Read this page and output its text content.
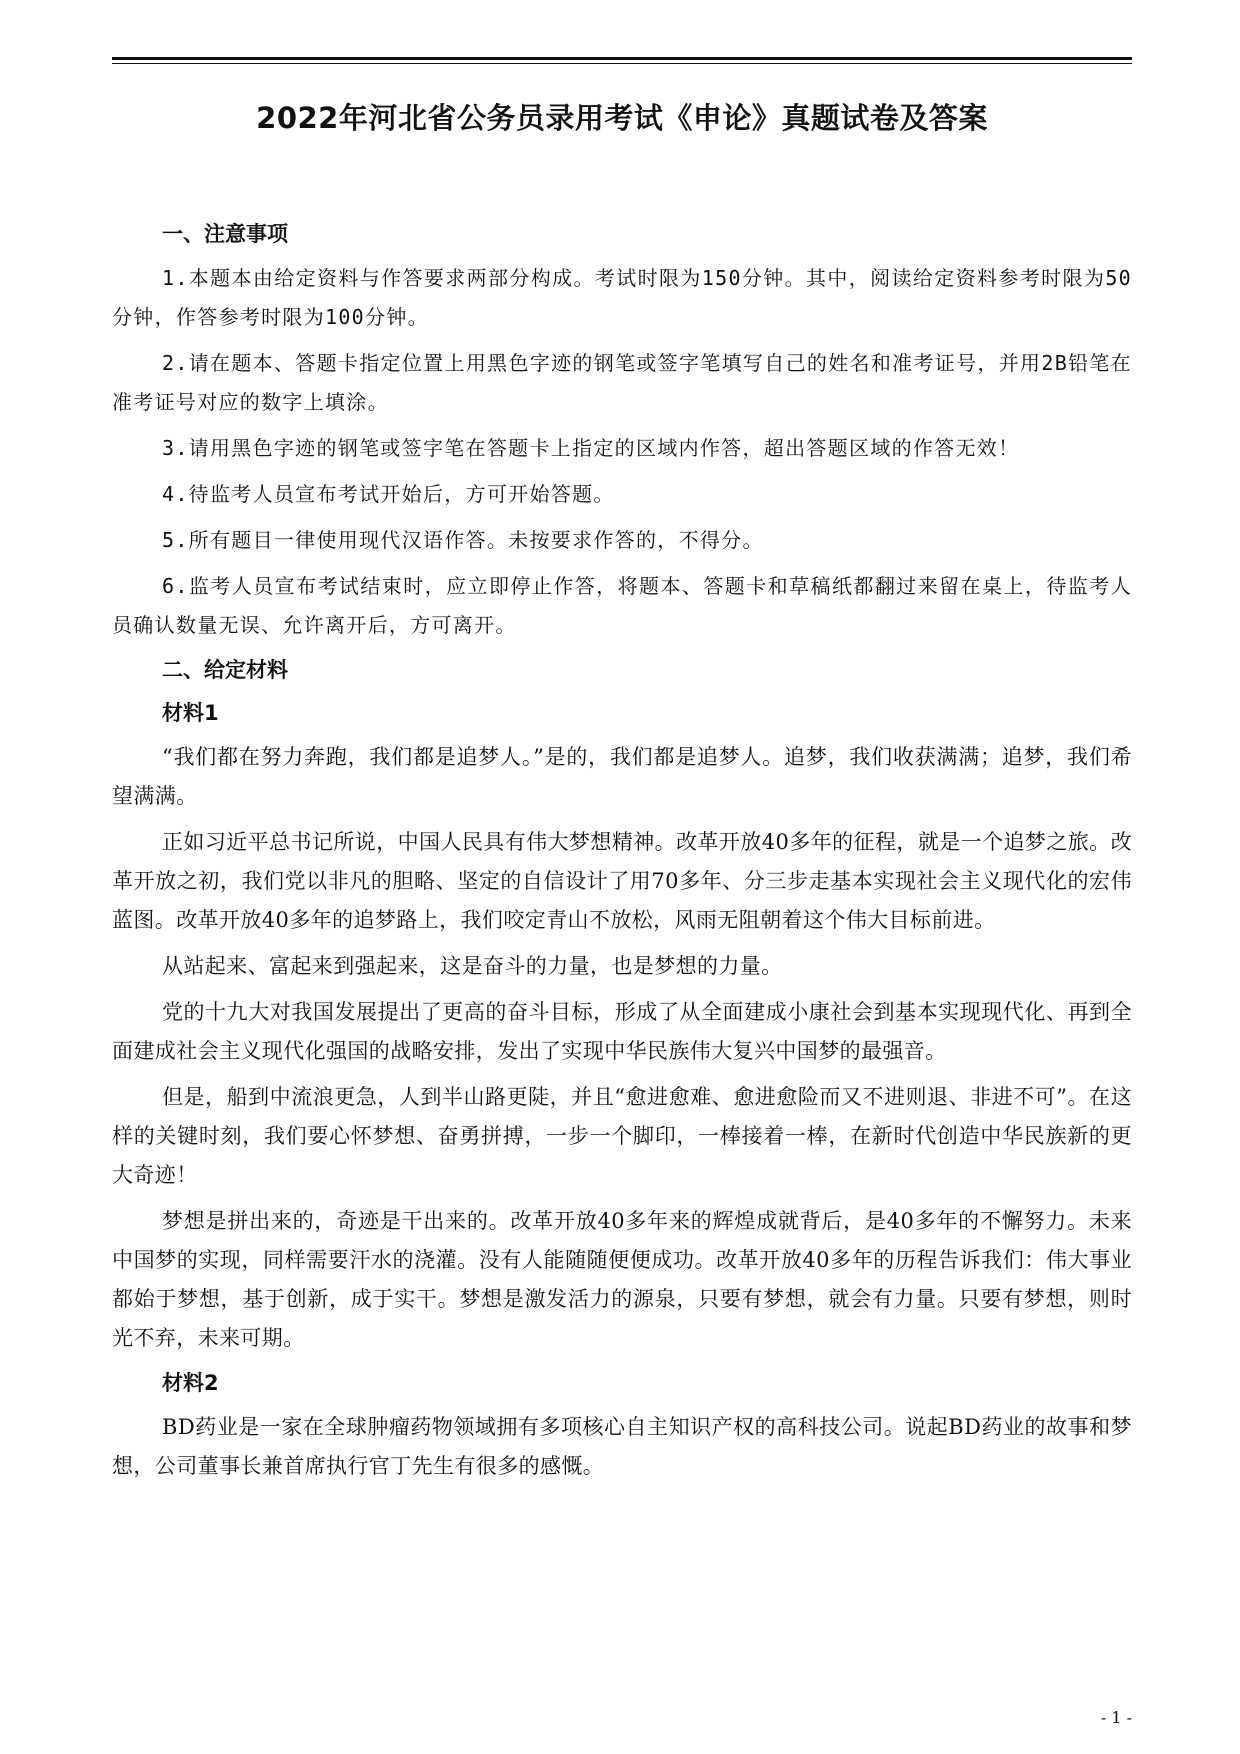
2022年河北省公务员录用考试《申论》真题试卷及答案
一、注意事项

1.本题本由给定资料与作答要求两部分构成。考试时限为150分钟。其中，阅读给定资料参考时限为50分钟，作答参考时限为100分钟。

2.请在题本、答题卡指定位置上用黑色字迹的钢笔或签字笔填写自己的姓名和准考证号，并用2B铅笔在准考证号对应的数字上填涂。

3.请用黑色字迹的钢笔或签字笔在答题卡上指定的区域内作答，超出答题区域的作答无效！

4.待监考人员宣布考试开始后，方可开始答题。

5.所有题目一律使用现代汉语作答。未按要求作答的，不得分。

6.监考人员宣布考试结束时，应立即停止作答，将题本、答题卡和草稿纸都翻过来留在桌上，待监考人员确认数量无误、允许离开后，方可离开。

二、给定材料
材料1

“我们都在努力奔跑，我们都是追梦人。”是的，我们都是追梦人。追梦，我们收获满满；追梦，我们希望满满。

正如习近平总书记所说，中国人民具有伟大梦想精神。改革开放40多年的征程，就是一个追梦之旅。改革开放之初，我们党以非凡的胆略、坚定的自信设计了用70多年、分三步走基本实现社会主义现代化的宏伟蓝图。改革开放40多年的追梦路上，我们咬定青山不放松，风雨无阻朝着这个伟大目标前进。

从站起来、富起来到强起来，这是奋斗的力量，也是梦想的力量。

党的十九大对我国发展提出了更高的奋斗目标，形成了从全面建成小康社会到基本实现现代化、再到全面建成社会主义现代化强国的战略安排，发出了实现中华民族伟大复兴中国梦的最强音。

但是，船到中流浪更急，人到半山路更陡，并且“愈进愈难、愈进愈险而又不进则退、非进不可”。在这样的关键时刻，我们要心怀梦想、奋勇拼搏，一步一个脚印，一棒接着一棒，在新时代创造中华民族新的更大奇迹！

梦想是拼出来的，奇迹是干出来的。改革开放40多年来的辉煌成就背后，是40多年的不懈努力。未来中国梦的实现，同样需要汗水的浇灌。没有人能随随便便成功。改革开放40多年的历程告诉我们：伟大事业都始于梦想，基于创新，成于实干。梦想是激发活力的源泉，只要有梦想，就会有力量。只要有梦想，则时光不弃，未来可期。

材料2

BD药业是一家在全球肿瘤药物领域拥有多项核心自主知识产权的高科技公司。说起BD药业的故事和梦想，公司董事长兼首席执行官丁先生有很多的感慨。

- 1 -
